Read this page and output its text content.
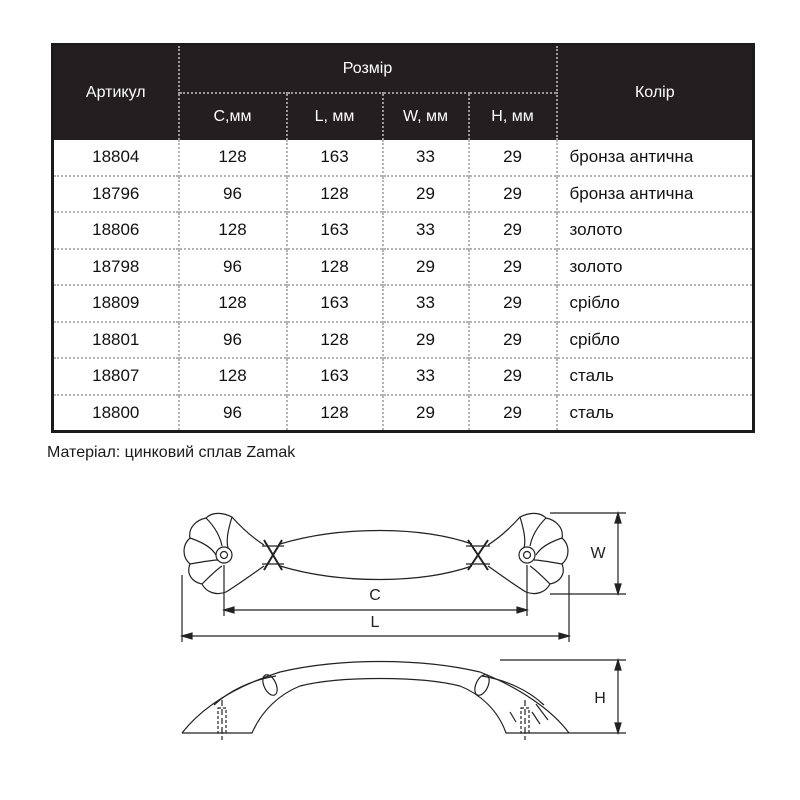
Артикул	Розмір				Колір
	C,мм	L, мм	W, мм	H, мм	
18804	128	163	33	29	бронза антична
18796	96	128	29	29	бронза антична
18806	128	163	33	29	золото
18798	96	128	29	29	золото
18809	128	163	33	29	срібло
18801	96	128	29	29	срібло
18807	128	163	33	29	сталь
18800	96	128	29	29	сталь
Матеріал: цинковий сплав Zamak
C
L
W
H
